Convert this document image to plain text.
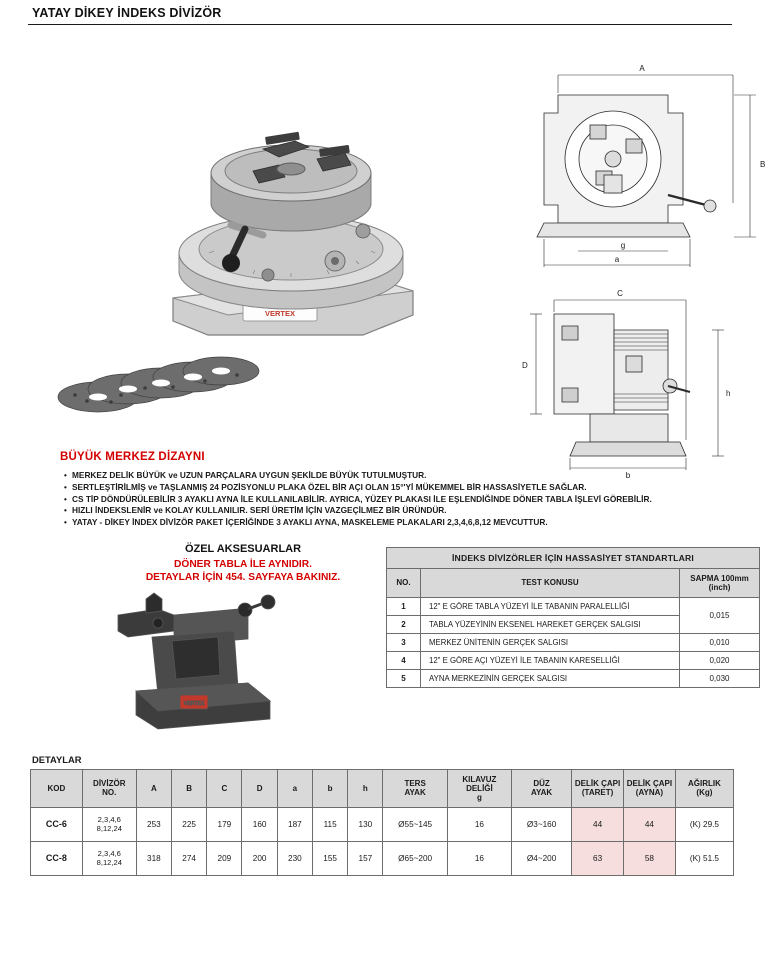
YATAY DİKEY İNDEKS DİVİZÖR
VERTEX
A
B
g
a
C
D
h
b
BÜYÜK MERKEZ DİZAYNI
• MERKEZ DELİK BÜYÜK ve UZUN PARÇALARA UYGUN ŞEKİLDE BÜYÜK TUTULMUŞTUR.
• SERTLEŞTİRİLMİŞ ve TAŞLANMIŞ 24 POZİSYONLU PLAKA ÖZEL BİR AÇI OLAN 15°'Yİ MÜKEMMEL BİR HASSASİYETLE SAĞLAR.
• CS TİP DÖNDÜRÜLEBİLİR 3 AYAKLI AYNA İLE KULLANILABİLİR. AYRICA, YÜZEY PLAKASI İLE EŞLENDİĞİNDE DÖNER TABLA İŞLEVİ GÖREBİLİR.
• HIZLI İNDEKSLENİR ve KOLAY KULLANILIR. SERİ ÜRETİM İÇİN VAZGEÇİLMEZ BİR ÜRÜNDÜR.
• YATAY - DİKEY İNDEX DİVİZÖR PAKET İÇERİĞİNDE 3 AYAKLI AYNA, MASKELEME PLAKALARI 2,3,4,6,8,12 MEVCUTTUR.
ÖZEL AKSESUARLAR
DÖNER TABLA İLE AYNIDIR.
DETAYLAR İÇİN 454. SAYFAYA BAKINIZ.
VERTEX
İNDEKS DİVİZÖRLER İÇİN HASSASİYET STANDARTLARI		
NO.	TEST KONUSU	SAPMA 100mm
(inch)
1	12" E GÖRE TABLA YÜZEYİ İLE TABANIN PARALELLİĞİ	0,015
2	TABLA YÜZEYİNİN EKSENEL HAREKET GERÇEK SALGISI	
3	MERKEZ ÜNİTENİN GERÇEK SALGISI	0,010
4	12" E GÖRE AÇI YÜZEYİ İLE TABANIN KARESELLİĞİ	0,020
5	AYNA MERKEZİNİN GERÇEK SALGISI	0,030
DETAYLAR
KOD	DİVİZÖR
NO.	A	B	C	D	a	b	h	TERS
AYAK	KILAVUZ DELİĞİ
g	DÜZ
AYAK	DELİK ÇAPI
(TARET)	DELİK ÇAPI
(AYNA)	AĞIRLIK
(Kg)
CC-6	2,3,4,6
8,12,24	253	225	179	160	187	115	130	Ø55~145	16	Ø3~160	44	44	(K) 29.5
CC-8	2,3,4,6
8,12,24	318	274	209	200	230	155	157	Ø65~200	16	Ø4~200	63	58	(K) 51.5
